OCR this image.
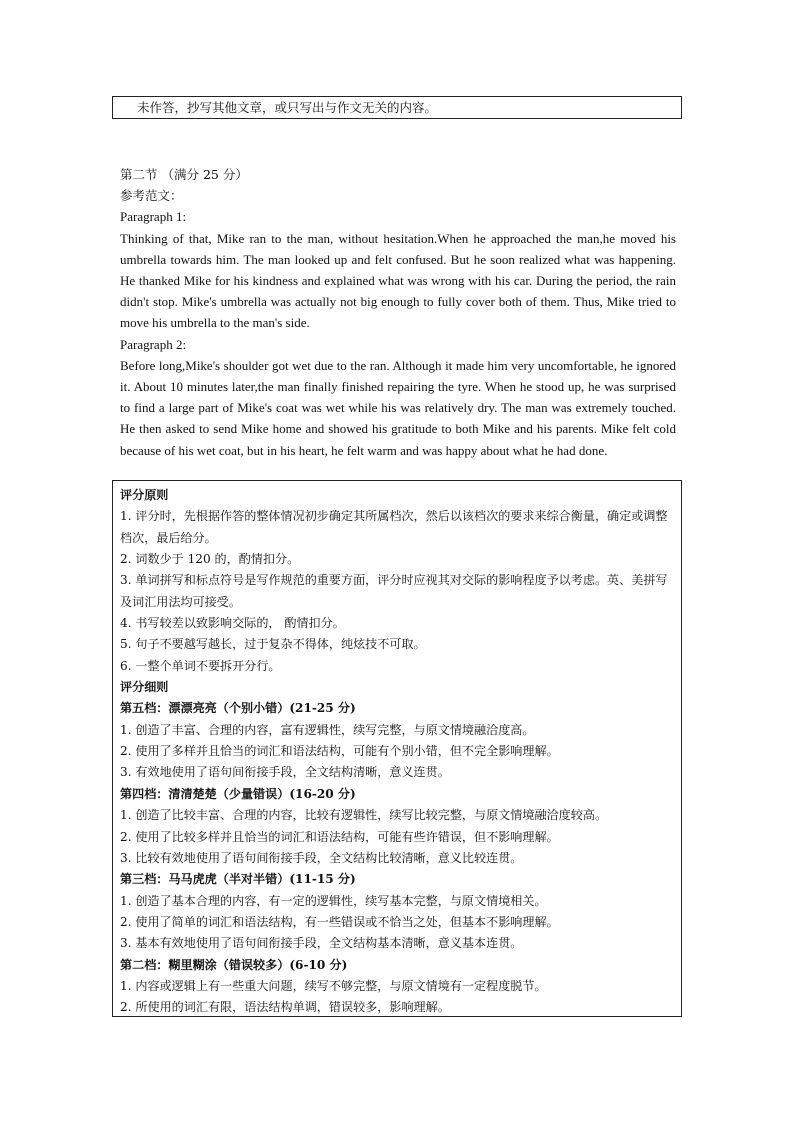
未作答，抄写其他文章，或只写出与作文无关的内容。
第二节 （满分 25 分）
参考范文：
Paragraph 1:
Thinking of that, Mike ran to the man, without hesitation.When he approached the man,he moved his umbrella towards him. The man looked up and felt confused. But he soon realized what was happening. He thanked Mike for his kindness and explained what was wrong with his car. During the period, the rain didn't stop. Mike's umbrella was actually not big enough to fully cover both of them. Thus, Mike tried to move his umbrella to the man's side.
Paragraph 2:
Before long,Mike's shoulder got wet due to the ran. Although it made him very uncomfortable, he ignored it. About 10 minutes later,the man finally finished repairing the tyre. When he stood up, he was surprised to find a large part of Mike's coat was wet while his was relatively dry. The man was extremely touched. He then asked to send Mike home and showed his gratitude to both Mike and his parents. Mike felt cold because of his wet coat, but in his heart, he felt warm and was happy about what he had done.
评分原则
1. 评分时，先根据作答的整体情况初步确定其所属档次，然后以该档次的要求来综合衡量，确定或调整档次，最后给分。
2. 词数少于 120 的，酌情扣分。
3. 单词拼写和标点符号是写作规范的重要方面，评分时应视其对交际的影响程度予以考虑。英、美拼写及词汇用法均可接受。
4. 书写较差以致影响交际的， 酌情扣分。
5. 句子不要越写越长，过于复杂不得体，纯炫技不可取。
6. 一整个单词不要拆开分行。
评分细则
第五档：漂漂亮亮（个别小错）(21-25 分)
1. 创造了丰富、合理的内容，富有逻辑性，续写完整，与原文情境融洽度高。
2. 使用了多样并且恰当的词汇和语法结构，可能有个别小错，但不完全影响理解。
3. 有效地使用了语句间衔接手段，全文结构清晰，意义连贯。
第四档：清清楚楚（少量错误）(16-20 分)
1. 创造了比较丰富、合理的内容，比较有逻辑性，续写比较完整，与原文情境融洽度较高。
2. 使用了比较多样并且恰当的词汇和语法结构，可能有些许错误，但不影响理解。
3. 比较有效地使用了语句间衔接手段，全文结构比较清晰，意义比较连贯。
第三档：马马虎虎（半对半错）(11-15 分)
1. 创造了基本合理的内容，有一定的逻辑性，续写基本完整，与原文情境相关。
2. 使用了简单的词汇和语法结构，有一些错误或不恰当之处，但基本不影响理解。
3. 基本有效地使用了语句间衔接手段，全文结构基本清晰，意义基本连贯。
第二档：糊里糊涂（错误较多）(6-10 分)
1. 内容或逻辑上有一些重大问题，续写不够完整，与原文情境有一定程度脱节。
2. 所使用的词汇有限，语法结构单调，错误较多，影响理解。
